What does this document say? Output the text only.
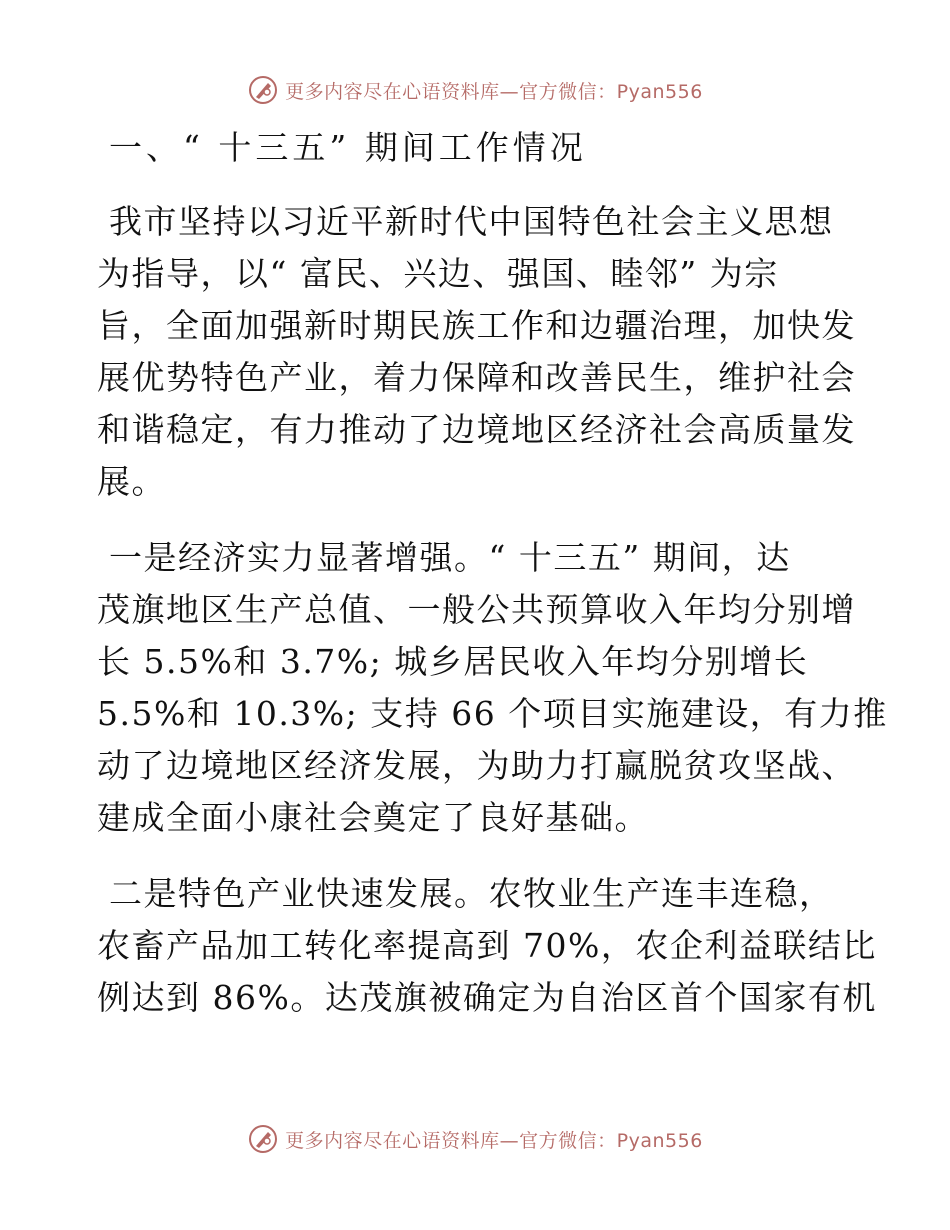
更多内容尽在心语资料库—官方微信：Pyan556
一、“ 十三五” 期间工作情况
我市坚持以习近平新时代中国特色社会主义思想
为指导，以“ 富民、兴边、强国、睦邻” 为宗
旨，全面加强新时期民族工作和边疆治理，加快发
展优势特色产业，着力保障和改善民生，维护社会
和谐稳定，有力推动了边境地区经济社会高质量发
展。
一是经济实力显著增强。“ 十三五” 期间，达
茂旗地区生产总值、一般公共预算收入年均分别增
长 5.5%和 3.7%; 城乡居民收入年均分别增长
5.5%和 10.3%; 支持 66 个项目实施建设，有力推
动了边境地区经济发展，为助力打赢脱贫攻坚战、
建成全面小康社会奠定了良好基础。
二是特色产业快速发展。农牧业生产连丰连稳，
农畜产品加工转化率提高到 70%，农企利益联结比
例达到 86%。达茂旗被确定为自治区首个国家有机
更多内容尽在心语资料库—官方微信：Pyan556
